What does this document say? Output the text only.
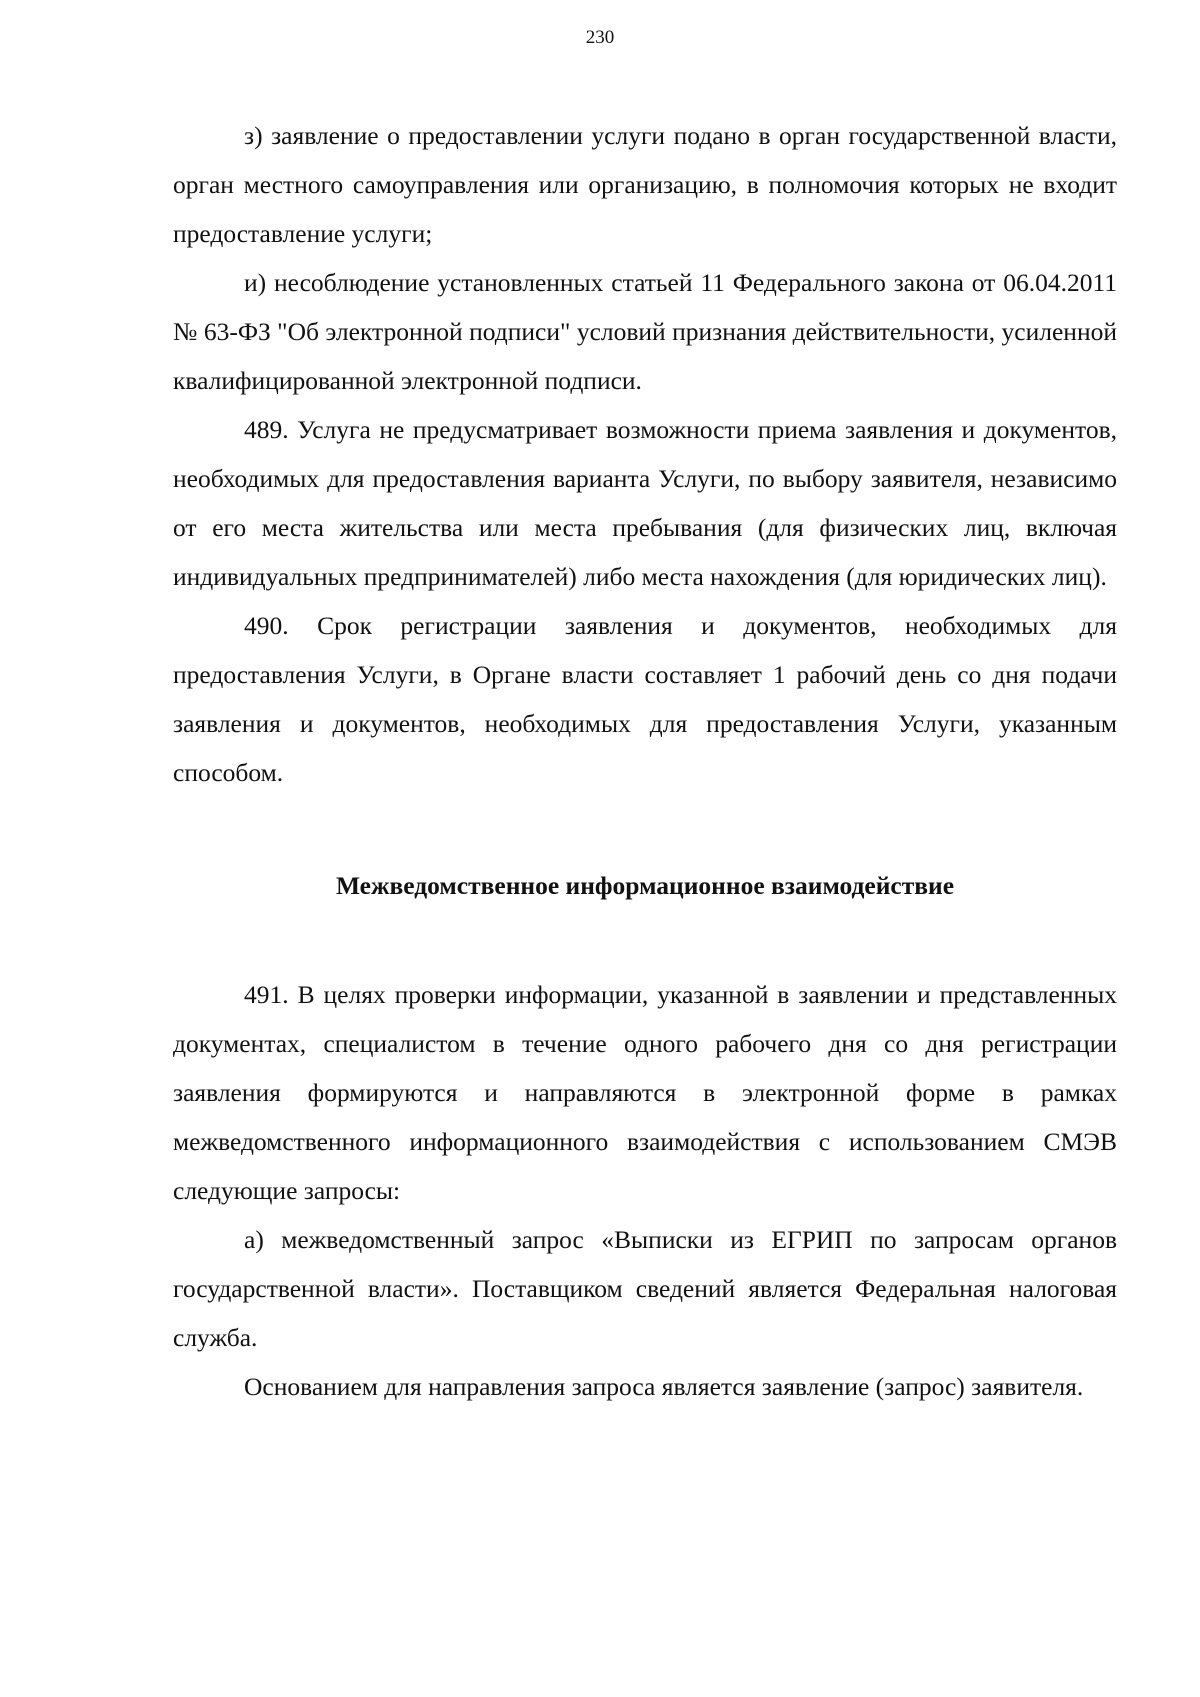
230

з) заявление о предоставлении услуги подано в орган государственной власти, орган местного самоуправления или организацию, в полномочия которых не входит предоставление услуги;

и) несоблюдение установленных статьей 11 Федерального закона от 06.04.2011 № 63-ФЗ "Об электронной подписи" условий признания действительности, усиленной квалифицированной электронной подписи.

489. Услуга не предусматривает возможности приема заявления и документов, необходимых для предоставления варианта Услуги, по выбору заявителя, независимо от его места жительства или места пребывания (для физических лиц, включая индивидуальных предпринимателей) либо места нахождения (для юридических лиц).

490. Срок регистрации заявления и документов, необходимых для предоставления Услуги, в Органе власти составляет 1 рабочий день со дня подачи заявления и документов, необходимых для предоставления Услуги, указанным способом.

Межведомственное информационное взаимодействие

491. В целях проверки информации, указанной в заявлении и представленных документах, специалистом в течение одного рабочего дня со дня регистрации заявления формируются и направляются в электронной форме в рамках межведомственного информационного взаимодействия с использованием СМЭВ следующие запросы:

а) межведомственный запрос «Выписки из ЕГРИП по запросам органов государственной власти». Поставщиком сведений является Федеральная налоговая служба.

Основанием для направления запроса является заявление (запрос) заявителя.
